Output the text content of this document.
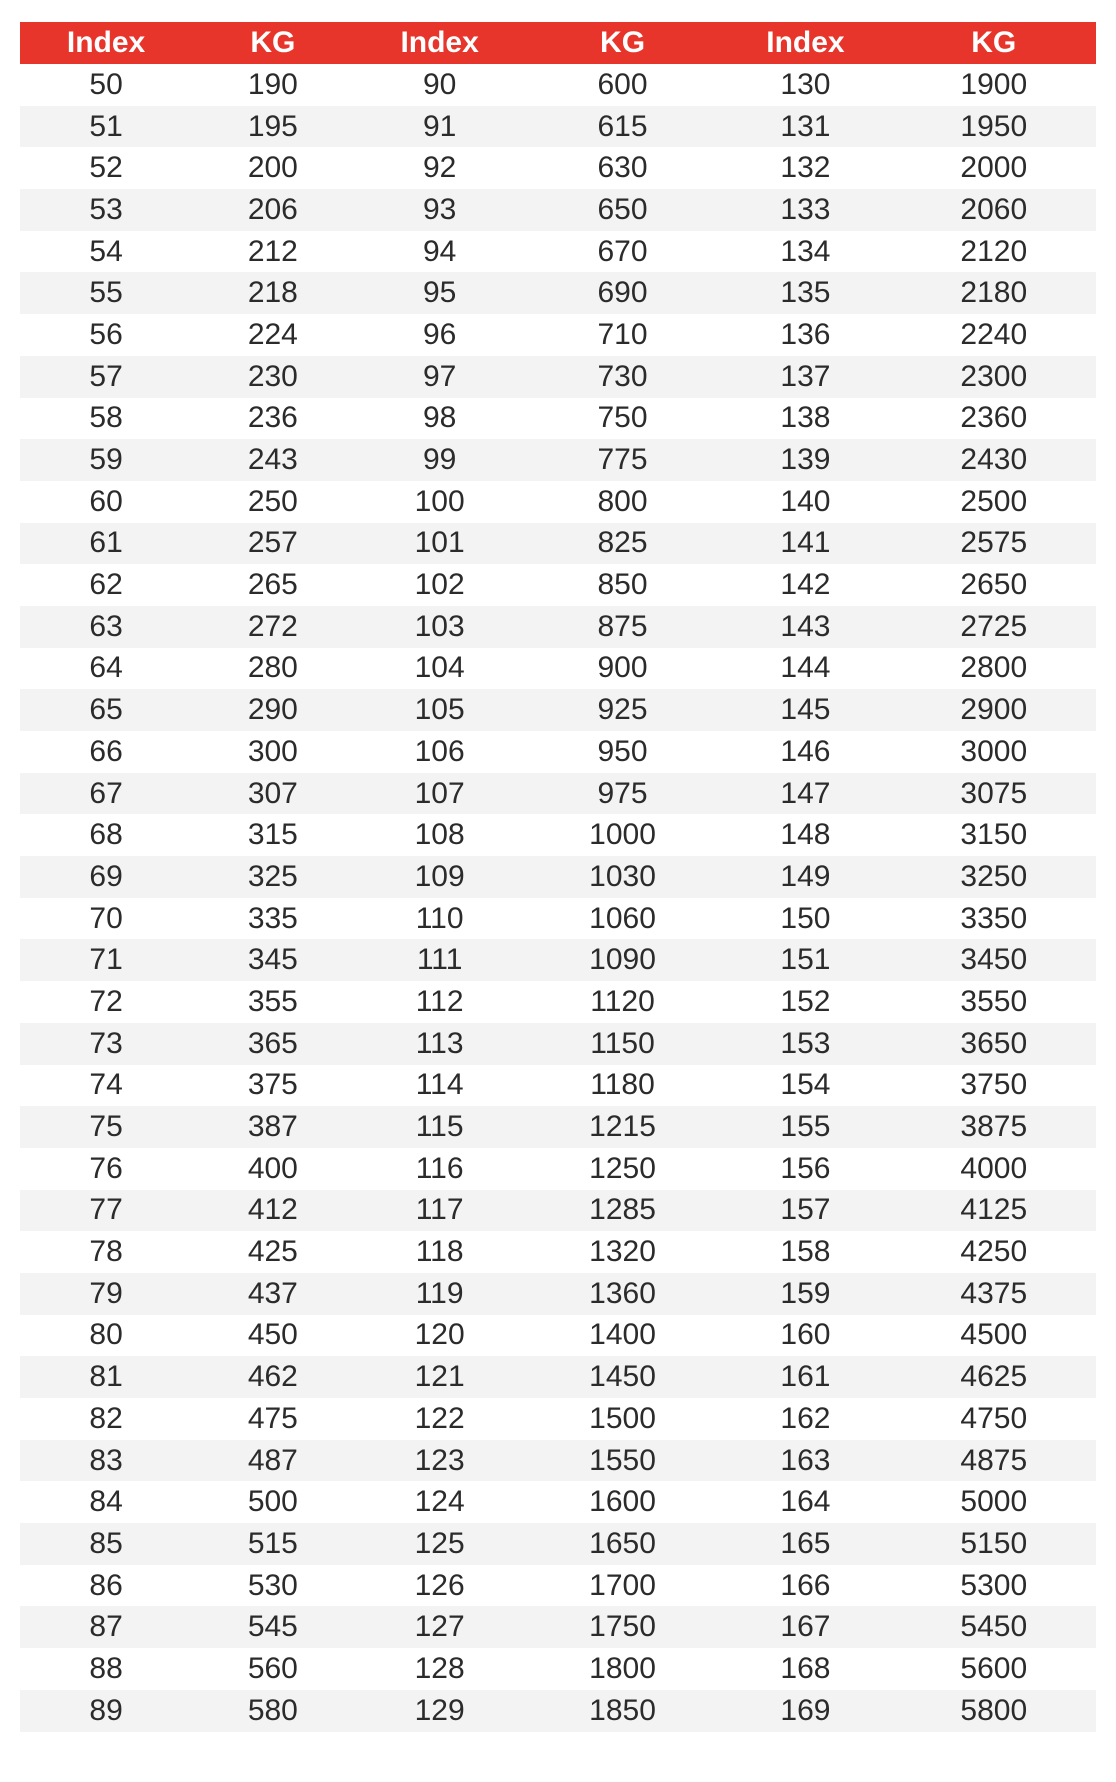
Index	KG	Index	KG	Index	KG
50	190	90	600	130	1900
51	195	91	615	131	1950
52	200	92	630	132	2000
53	206	93	650	133	2060
54	212	94	670	134	2120
55	218	95	690	135	2180
56	224	96	710	136	2240
57	230	97	730	137	2300
58	236	98	750	138	2360
59	243	99	775	139	2430
60	250	100	800	140	2500
61	257	101	825	141	2575
62	265	102	850	142	2650
63	272	103	875	143	2725
64	280	104	900	144	2800
65	290	105	925	145	2900
66	300	106	950	146	3000
67	307	107	975	147	3075
68	315	108	1000	148	3150
69	325	109	1030	149	3250
70	335	110	1060	150	3350
71	345	111	1090	151	3450
72	355	112	1120	152	3550
73	365	113	1150	153	3650
74	375	114	1180	154	3750
75	387	115	1215	155	3875
76	400	116	1250	156	4000
77	412	117	1285	157	4125
78	425	118	1320	158	4250
79	437	119	1360	159	4375
80	450	120	1400	160	4500
81	462	121	1450	161	4625
82	475	122	1500	162	4750
83	487	123	1550	163	4875
84	500	124	1600	164	5000
85	515	125	1650	165	5150
86	530	126	1700	166	5300
87	545	127	1750	167	5450
88	560	128	1800	168	5600
89	580	129	1850	169	5800
